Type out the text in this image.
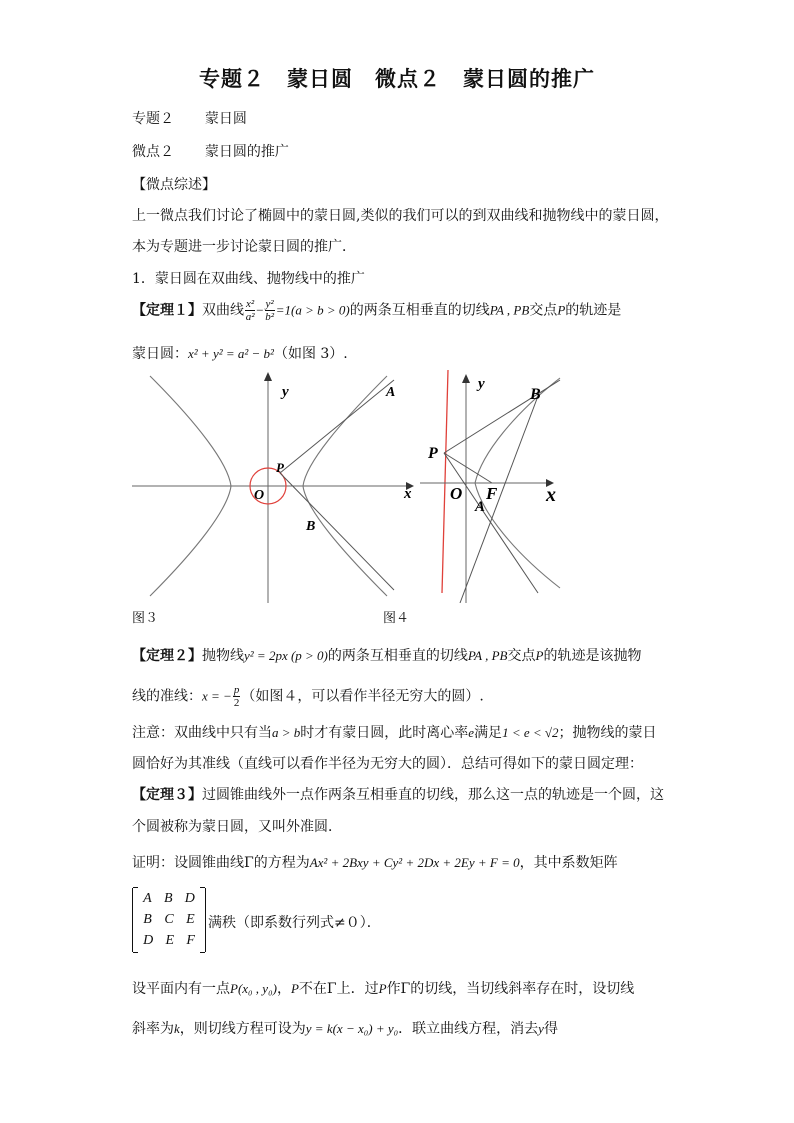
专题２　蒙日圆　微点２　蒙日圆的推广
专题２ 蒙日圆
微点２ 蒙日圆的推广
【微点综述】
上一微点我们讨论了椭圆中的蒙日圆,类似的我们可以的到双曲线和抛物线中的蒙日圆，
本为专题进一步讨论蒙日圆的推广．
1．蒙日圆在双曲线、抛物线中的推广
【定理１】双曲线 $\frac{\text{x²}}{\text{a²}} - \frac{\text{y²}}{\text{b²}} =1(a > b > 0)$的两条互相垂直的切线PA , PB交点P的轨迹是
蒙日圆：x² + y² = a² − b²（如图 3）.
y
x
O
P
A
B
y
x
O F
P
A
B
图３	图４
【定理２】抛物线y² = 2px (p > 0)的两条互相垂直的切线PA , PB交点P的轨迹是该抛物
线的准线：x = − $\frac{p}{2}$ （如图４，可以看作半径无穷大的圆）.
注意：双曲线中只有当a > b时才有蒙日圆，此时离心率e满足1 < e < √2；抛物线的蒙日
圆恰好为其准线（直线可以看作半径为无穷大的圆）．总结可得如下的蒙日圆定理：
【定理３】过圆锥曲线外一点作两条互相垂直的切线，那么这一点的轨迹是一个圆，这
个圆被称为蒙日圆，又叫外准圆．
证明：设圆锥曲线Γ的方程为Ax² + 2Bxy + Cy² + 2Dx + 2Ey + F = 0，其中系数矩阵
A B D
B C E
D E F
满秩（即系数行列式≠０）．
设平面内有一点P(x₀ , y₀)，P不在Γ上．过P作Γ的切线，当切线斜率存在时，设切线
斜率为k，则切线方程可设为y = k(x − x₀) + y₀．联立曲线方程，消去y得
